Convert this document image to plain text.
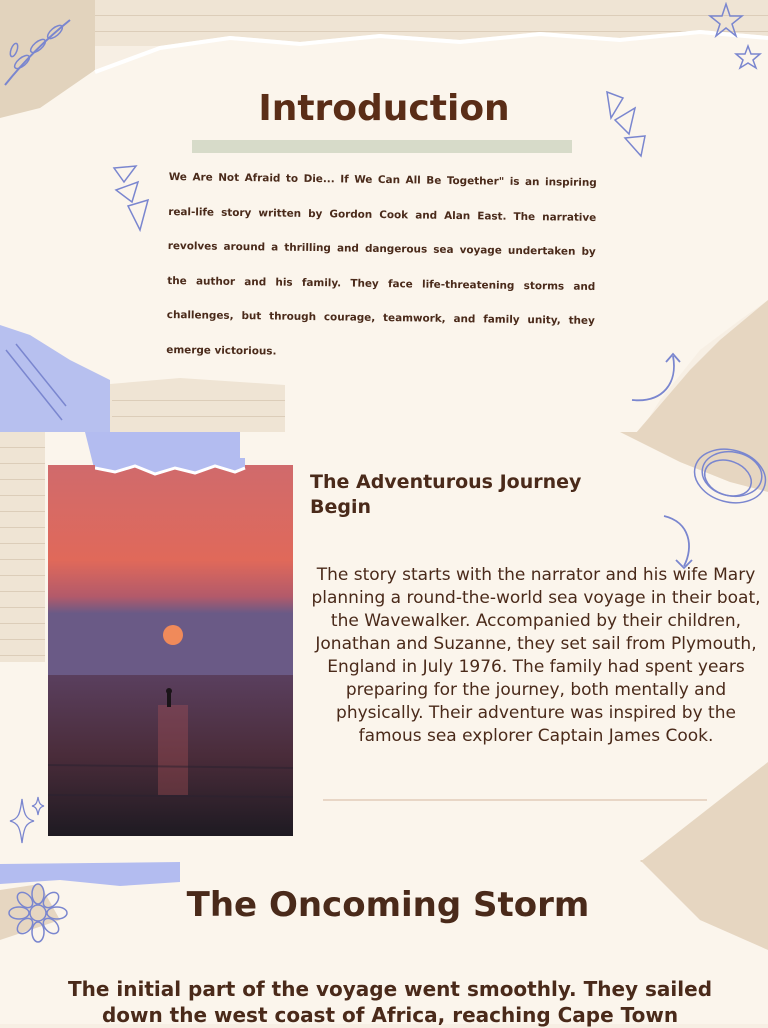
Introduction
We Are Not Afraid to Die... If We Can All Be Together" is an inspiring real-life story written by Gordon Cook and Alan East. The narrative revolves around a thrilling and dangerous sea voyage undertaken by the author and his family. They face life-threatening storms and challenges, but through courage, teamwork, and family unity, they emerge victorious.
The Adventurous Journey Begin
The story starts with the narrator and his wife Mary planning a round-the-world sea voyage in their boat, the Wavewalker. Accompanied by their children, Jonathan and Suzanne, they set sail from Plymouth, England in July 1976. The family had spent years preparing for the journey, both mentally and physically. Their adventure was inspired by the famous sea explorer Captain James Cook.
The Oncoming Storm
The initial part of the voyage went smoothly. They sailed
down the west coast of Africa, reaching Cape Town
